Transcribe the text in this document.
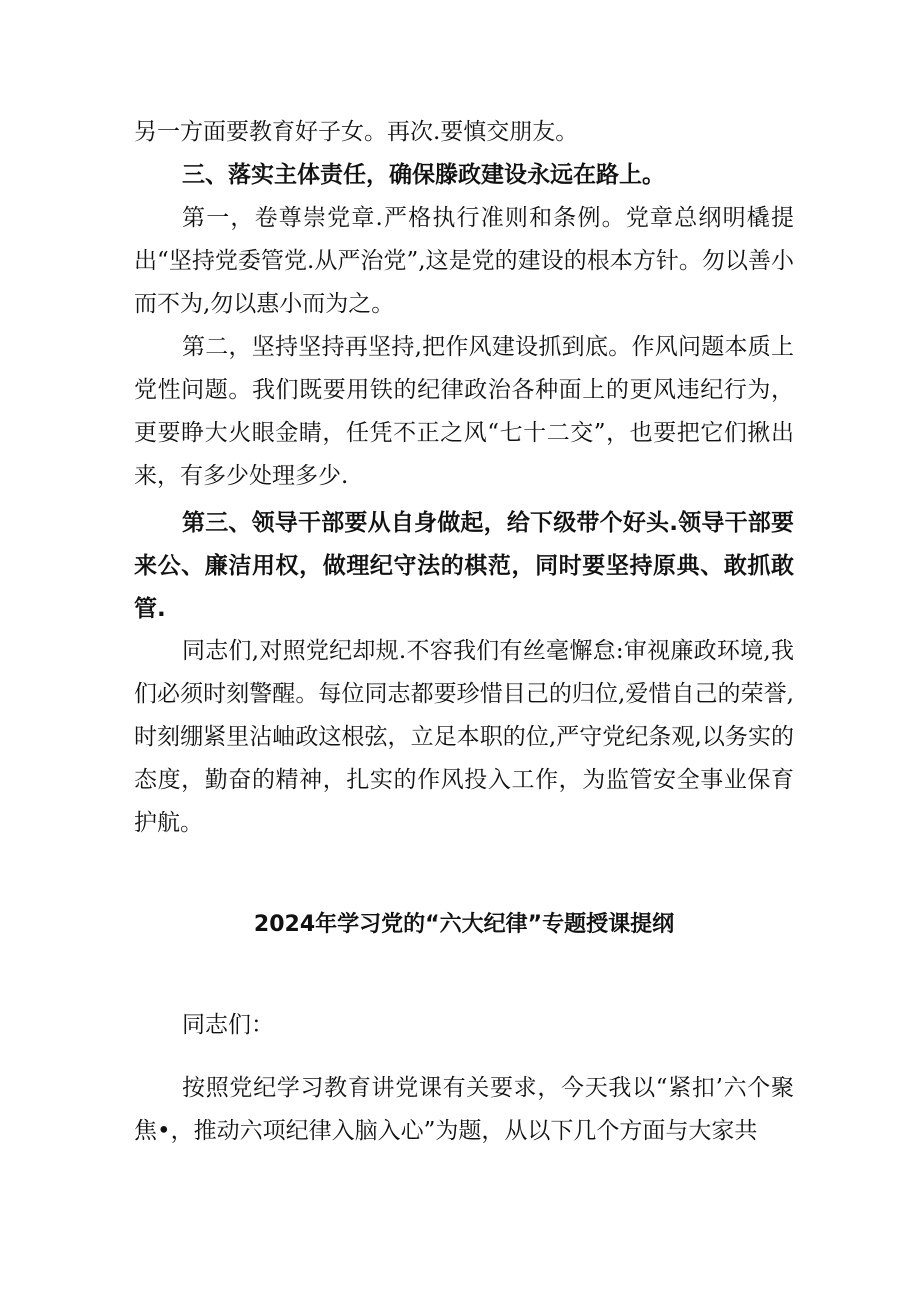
另一方面要教育好子女。再次.要慎交朋友。

三、落实主体责任，确保滕政建设永远在路上。

第一，卷尊崇党章.严格执行准则和条例。党章总纲明橇提出“坚持党委管党.从严治党”,这是党的建设的根本方针。勿以善小而不为,勿以惠小而为之。

第二，坚持坚持再坚持,把作风建设抓到底。作风问题本质上党性问题。我们既要用铁的纪律政治各种面上的更风违纪行为，更要睁大火眼金睛，任凭不正之风“七十二交”，也要把它们揪出来，有多少处理多少.

第三、领导干部要从自身做起，给下级带个好头.领导干部要来公、廉洁用权，做理纪守法的棋范，同时要坚持原典、敢抓敢管.

同志们,对照党纪却规.不容我们有丝毫懈怠:审视廉政环境,我们必须时刻警醒。每位同志都要珍惜目己的归位,爱惜自己的荣誉,时刻绷紧里沾岫政这根弦，立足本职的位,严守党纪条观,以务实的态度，勤奋的精神，扎实的作风投入工作，为监管安全事业保育护航。

2024年学习党的“六大纪律”专题授课提纲

同志们：

按照党纪学习教育讲党课有关要求，今天我以“紧扣’六个聚焦•，推动六项纪律入脑入心”为题，从以下几个方面与大家共
